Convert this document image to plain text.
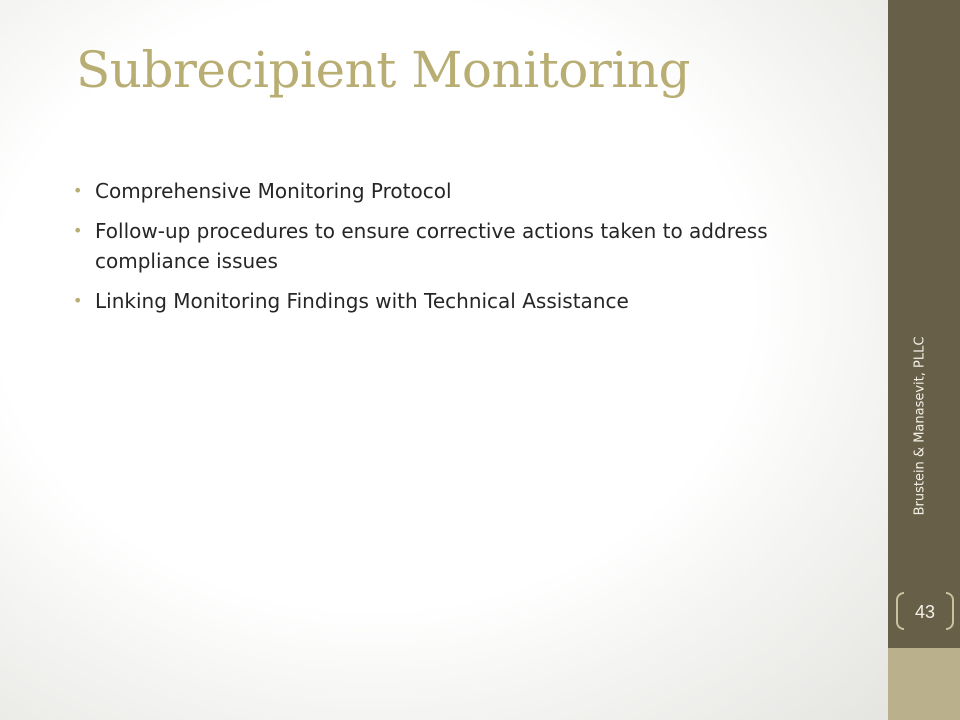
Subrecipient Monitoring
• Comprehensive Monitoring Protocol
• Follow-up procedures to ensure corrective actions taken to address compliance issues
• Linking Monitoring Findings with Technical Assistance
Brustein & Manasevit, PLLC
43
